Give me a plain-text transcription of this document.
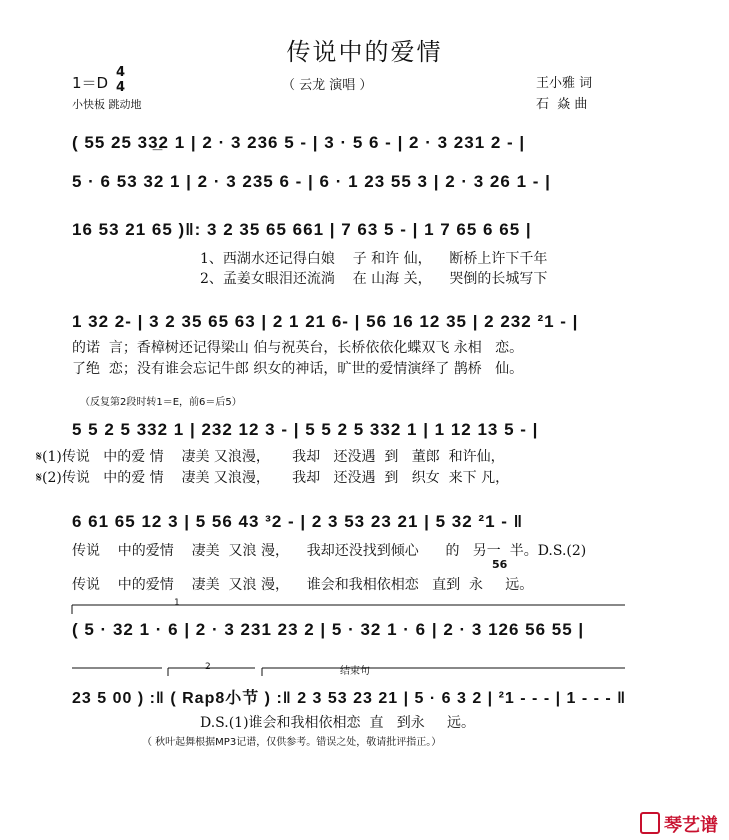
传说中的爱情
1＝D
4
4	（ 云龙 演唱 ）
小快板 跳动地
王小雅 词
石  焱 曲
( 55 25 33̲2 1 | 2 · 3 236 5 - | 3 · 5 6 - | 2 · 3 231 2 - |
5 · 6 53 32 1 | 2 · 3 235 6 - | 6 · 1 23 55 3 | 2 · 3 26 1 - |
16 53 21 65 )‖: 3 2 35 65 661 | 7 63 5 - | 1 7 65 6 65 |
1、西湖水还记得白娘    子 和许 仙，    断桥上许下千年
2、孟姜女眼泪还流淌    在 山海 关，    哭倒的长城写下
1 32 2- | 3 2 35 65 63 | 2 1 21 6- | 56 16 12 35 | 2 232 ²1 - |
的诺  言；香樟树还记得梁山 伯与祝英台，长桥依依化蝶双飞 永相   恋。
了绝  恋；没有谁会忘记牛郎 织女的神话，旷世的爱情演绎了 鹊桥   仙。
（反复第2段时转1＝E，前6＝后5）
5 5 2 5 332 1 | 232 12 3 - | 5 5 2 5 332 1 | 1 12 13 5 - |
𝄋(1)传说   中的爱 情    凄美 又浪漫，     我却   还没遇  到   董郎  和许仙，
𝄋(2)传说   中的爱 情    凄美 又浪漫，     我却   还没遇  到   织女  来下 凡，
6 61 65 12 3 | 5 56 43 ³2 - | 2 3 53 23 21 | 5 32 ²1 - ‖
传说    中的爱情    凄美  又浪 漫，    我却还没找到倾心      的   另一  半。D.S.(2)
56
传说    中的爱情    凄美  又浪 漫，    谁会和我相依相恋   直到  永     远。
1
( 5 · 32 1 · 6 | 2 · 3 231 23 2 | 5 · 32 1 · 6 | 2 · 3 126 56 55 |
2	结束句
23 5 00 ) :‖ ( Rap8小节 ) :‖ 2 3 53 23 21 | 5 · 6 3 2 | ²1 - - - | 1 - - - ‖
D.S.(1)谁会和我相依相恋  直   到永     远。
（ 秋叶起舞根据MP3记谱，仅供参考。错误之处，敬请批评指正。）
琴艺谱
